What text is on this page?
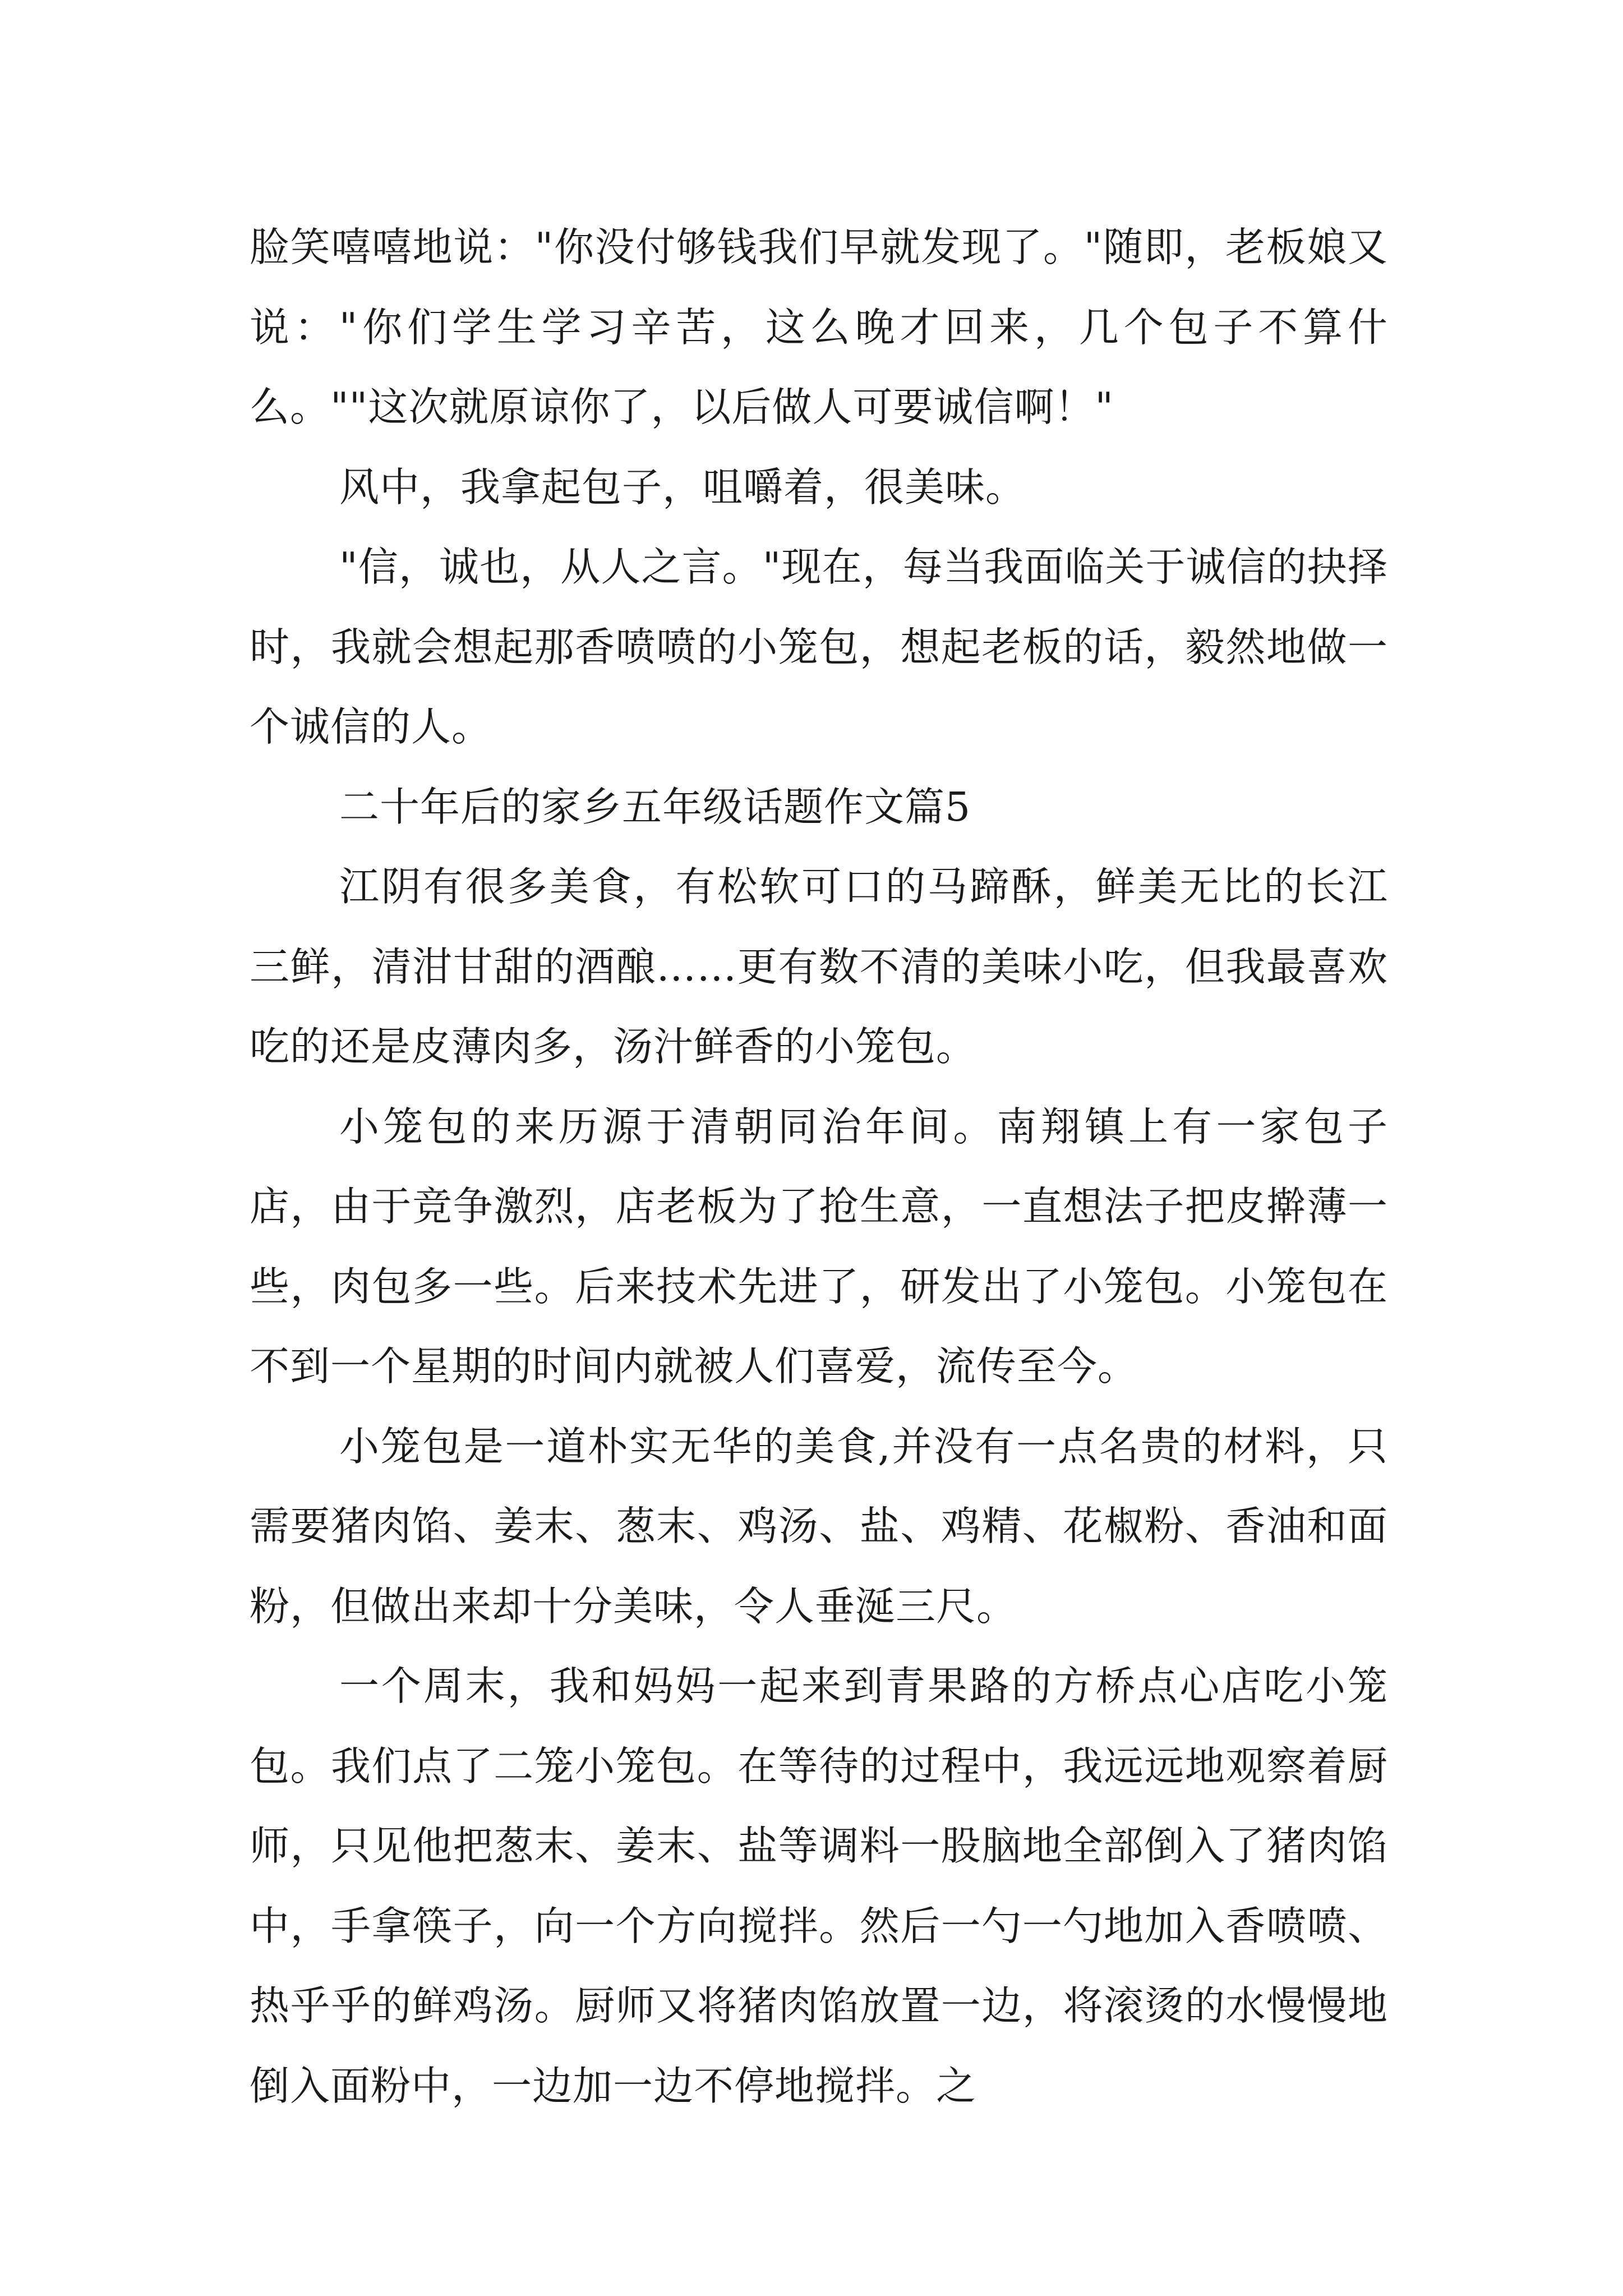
脸笑嘻嘻地说："你没付够钱我们早就发现了。"随即，老板娘又说："你们学生学习辛苦，这么晚才回来，几个包子不算什么。""这次就原谅你了，以后做人可要诚信啊！"

风中，我拿起包子，咀嚼着，很美味。

"信，诚也，从人之言。"现在，每当我面临关于诚信的抉择时，我就会想起那香喷喷的小笼包，想起老板的话，毅然地做一个诚信的人。

二十年后的家乡五年级话题作文篇5

江阴有很多美食，有松软可口的马蹄酥，鲜美无比的长江三鲜，清泔甘甜的酒酿……更有数不清的美味小吃，但我最喜欢吃的还是皮薄肉多，汤汁鲜香的小笼包。

小笼包的来历源于清朝同治年间。南翔镇上有一家包子店，由于竞争激烈，店老板为了抢生意，一直想法子把皮擀薄一些，肉包多一些。后来技术先进了，研发出了小笼包。小笼包在不到一个星期的时间内就被人们喜爱，流传至今。

小笼包是一道朴实无华的美食,并没有一点名贵的材料，只需要猪肉馅、姜末、葱末、鸡汤、盐、鸡精、花椒粉、香油和面粉，但做出来却十分美味，令人垂涎三尺。

一个周末，我和妈妈一起来到青果路的方桥点心店吃小笼包。我们点了二笼小笼包。在等待的过程中，我远远地观察着厨师，只见他把葱末、姜末、盐等调料一股脑地全部倒入了猪肉馅中，手拿筷子，向一个方向搅拌。然后一勺一勺地加入香喷喷、热乎乎的鲜鸡汤。厨师又将猪肉馅放置一边，将滚烫的水慢慢地倒入面粉中，一边加一边不停地搅拌。之
